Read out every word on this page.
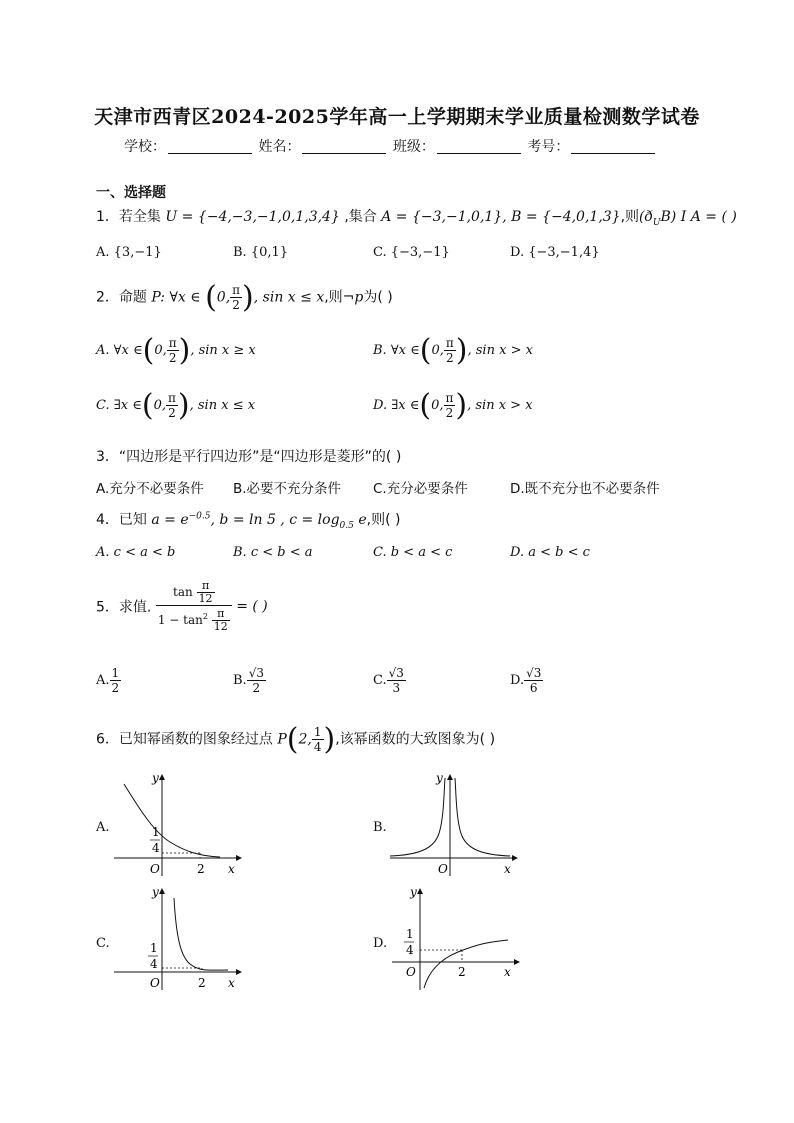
天津市西青区2024-2025学年高一上学期期末学业质量检测数学试卷
学校：	姓名：	班级：	考号：
一、选择题
1．若全集 U = {−4,−3,−1,0,1,3,4} ,集合 A = {−3,−1,0,1}, B = {−4,0,1,3},则$(ð_UB)$ I A = ( )
A. {3,−1}	B. {0,1}	C. {−3,−1}	D. {−3,−1,4}
2．命题 P: ∀x ∈ (0, $\frac{\pi}{2}$ ), sin x ≤ x,则¬p为( )
A. ∀x ∈(0, $\frac{\pi}{2}$ ), sin x ≥ x	B. ∀x ∈(0, $\frac{\pi}{2}$ ), sin x > x
C. ∃x ∈(0, $\frac{\pi}{2}$ ), sin x ≤ x	D. ∃x ∈(0, $\frac{\pi}{2}$ ), sin x > x
3．“四边形是平行四边形”是“四边形是菱形”的( )
A.充分不必要条件 B.必要不充分条件 C.充分必要条件	D.既不充分也不必要条件
4．已知 $a = e^{-0.5}$, b = ln 5 , $c = \log_{0.5} e$,则( )
A. c < a < b	B. c < b < a	C. b < a < c	D. a < b < c
5．求值. $\frac{\tan \frac{\pi}{12}}{1 - \tan^2 \frac{\pi}{12}}$ = ( )
A. $\frac{1}{2}$	B. $\frac{√3}{2}$	C. $\frac{√3}{3}$	D. $\frac{√3}{6}$
6．已知幂函数的图象经过点 P(2, $\frac{1}{4}$ ),该幂函数的大致图象为( )
A.	1
4
O	2 x
y
B.
O	x
y
C.	1
4
O	2 x
y
D.
1
4
O	2	x
y
